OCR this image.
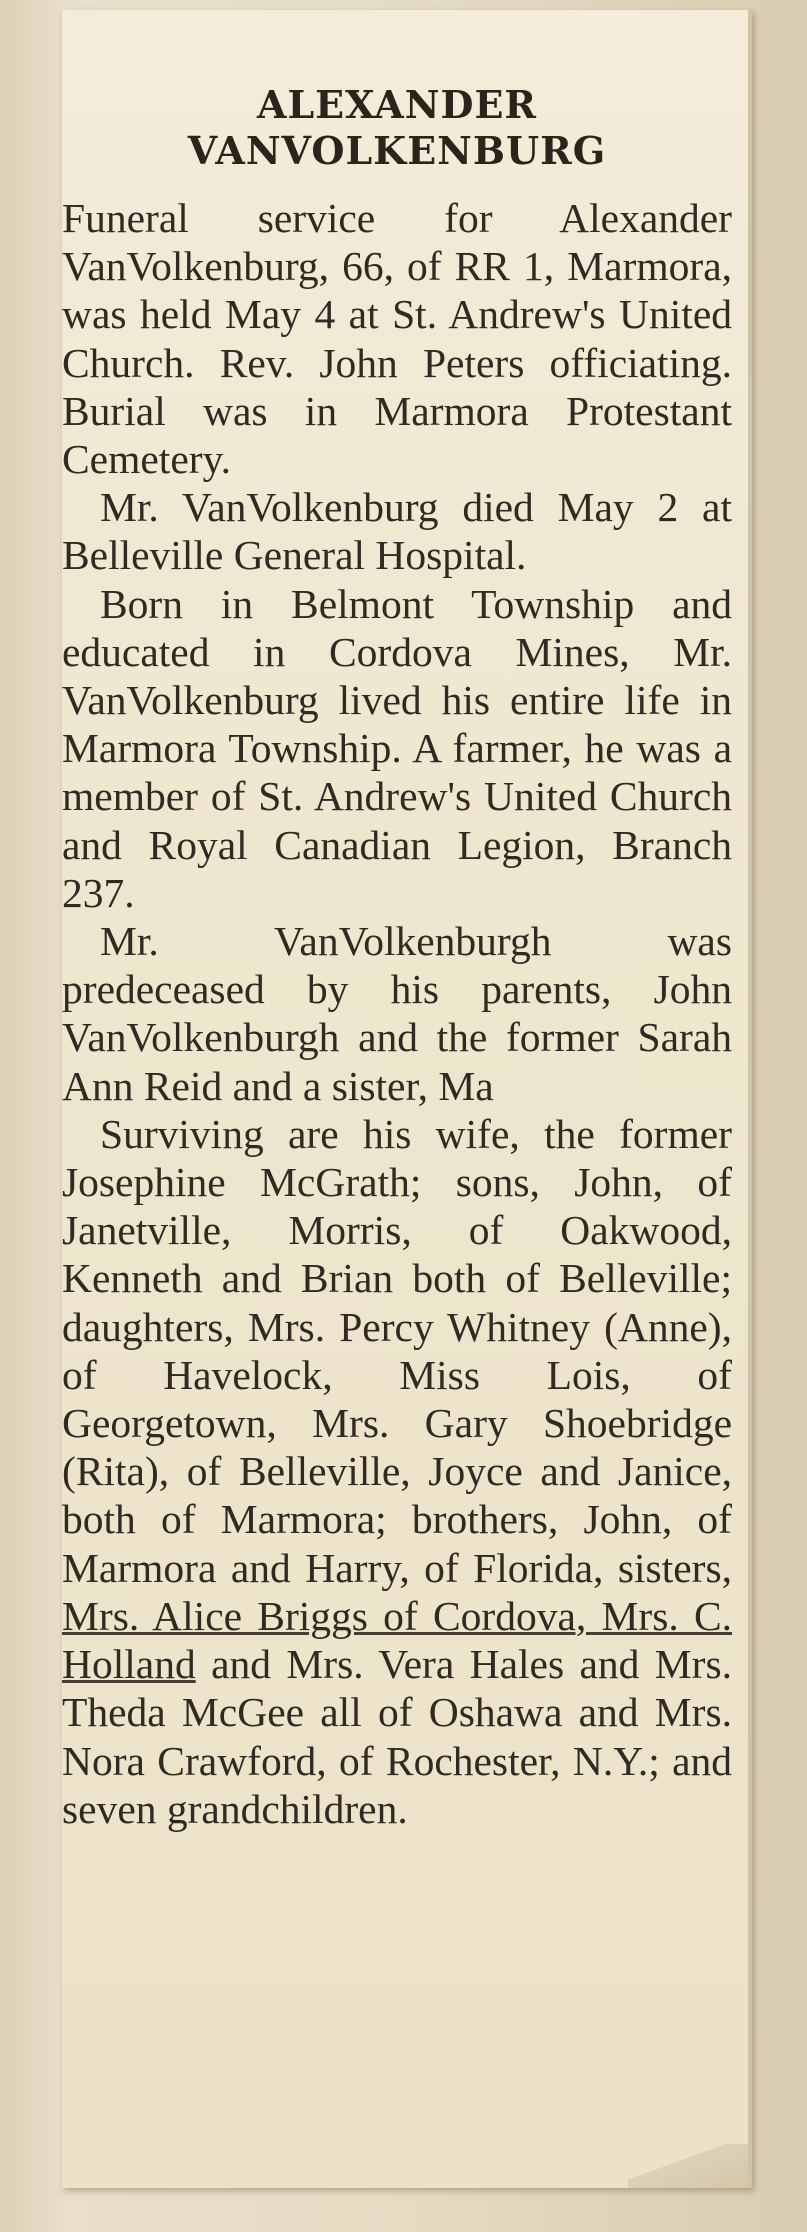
ALEXANDER
VANVOLKENBURG

Funeral service for Alexander VanVolkenburg, 66, of RR 1, Marmora, was held May 4 at St. Andrew's United Church. Rev. John Peters officiating. Burial was in Marmora Protestant Cemetery.

Mr. VanVolkenburg died May 2 at Belleville General Hospital.

Born in Belmont Township and educated in Cordova Mines, Mr. VanVolkenburg lived his entire life in Marmora Township. A farmer, he was a member of St. Andrew's United Church and Royal Canadian Legion, Branch 237.

Mr. VanVolkenburgh was predeceased by his parents, John VanVolkenburgh and the former Sarah Ann Reid and a sister, Ma

Surviving are his wife, the former Josephine McGrath; sons, John, of Janetville, Morris, of Oakwood, Kenneth and Brian both of Belleville; daughters, Mrs. Percy Whitney (Anne), of Havelock, Miss Lois, of Georgetown, Mrs. Gary Shoebridge (Rita), of Belleville, Joyce and Janice, both of Marmora; brothers, John, of Marmora and Harry, of Florida, sisters, Mrs. Alice Briggs of Cordova, Mrs. C. Holland and Mrs. Vera Hales and Mrs. Theda McGee all of Oshawa and Mrs. Nora Crawford, of Rochester, N.Y.; and seven grandchildren.
